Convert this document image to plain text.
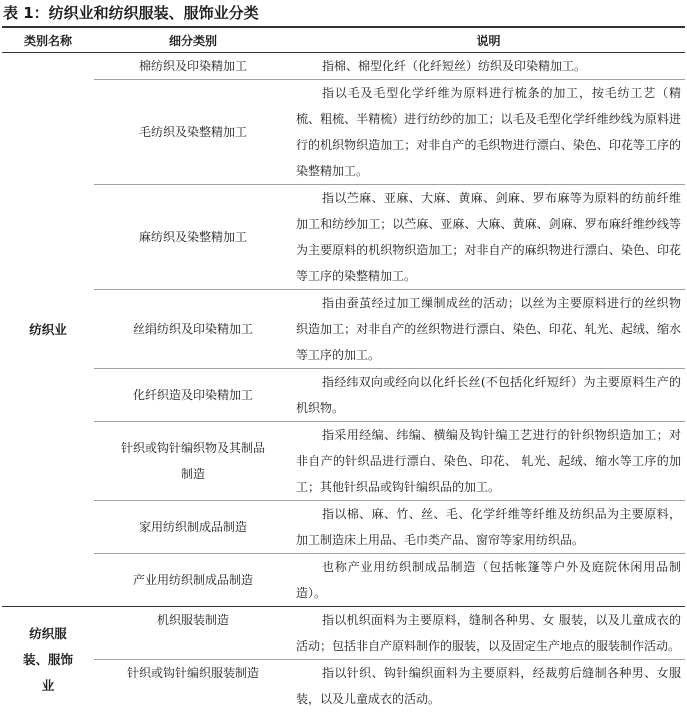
表 1：纺织业和纺织服装、服饰业分类
类别名称	细分类别	说明
纺织业	棉纺织及印染精加工	指棉、棉型化纤（化纤短丝）纺织及印染精加工。
	毛纺织及染整精加工	指以毛及毛型化学纤维为原料进行梳条的加工，按毛纺工艺（精梳、粗梳、半精梳）进行纺纱的加工；以毛及毛型化学纤维纱线为原料进行的机织物织造加工；对非自产的毛织物进行漂白、染色、印花等工序的染整精加工。
	麻纺织及染整精加工	指以苎麻、亚麻、大麻、黄麻、剑麻、罗布麻等为原料的纺前纤维加工和纺纱加工；以苎麻、亚麻、大麻、黄麻、剑麻、罗布麻纤维纱线等为主要原料的机织物织造加工；对非自产的麻织物进行漂白、染色、印花等工序的染整精加工。
	丝绢纺织及印染精加工	指由蚕茧经过加工缫制成丝的活动；以丝为主要原料进行的丝织物织造加工；对非自产的丝织物进行漂白、染色、印花、轧光、起绒、缩水等工序的加工。
	化纤织造及印染精加工	指经纬双向或经向以化纤长丝(不包括化纤短纤）为主要原料生产的机织物。
	针织或钩针编织物及其制品制造	指采用经编、纬编、横编及钩针编工艺进行的针织物织造加工；对非自产的针织品进行漂白、染色、印花、 轧光、起绒、缩水等工序的加工；其他针织品或钩针编织品的加工。
	家用纺织制成品制造	指以棉、麻、竹、丝、毛、化学纤维等纤维及纺织品为主要原料，加工制造床上用品、毛巾类产品、窗帘等家用纺织品。
	产业用纺织制成品制造	也称产业用纺织制成品制造（包括帐篷等户外及庭院休闲用品制造）。
纺织服装、服饰业	机织服装制造	指以机织面料为主要原料，缝制各种男、女 服装，以及儿童成衣的活动；包括非自产原料制作的服装，以及固定生产地点的服装制作活动。
	针织或钩针编织服装制造	指以针织、钩针编织面料为主要原料，经裁剪后缝制各种男、女服装，以及儿童成衣的活动。
